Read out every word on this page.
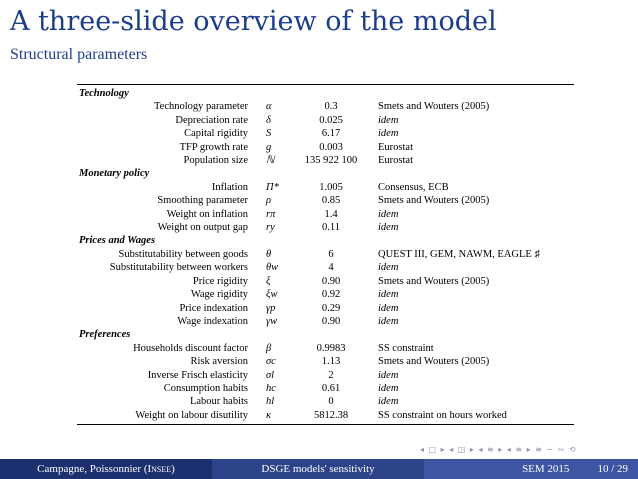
A three-slide overview of the model
Structural parameters
Technology			
Technology parameter	α	0.3	Smets and Wouters (2005)
Depreciation rate	δ	0.025	idem
Capital rigidity	S	6.17	idem
TFP growth rate	g	0.003	Eurostat
Population size	ℕ	135 922 100	Eurostat
Monetary policy			
Inflation	Π*	1.005	Consensus, ECB
Smoothing parameter	ρ	0.85	Smets and Wouters (2005)
Weight on inflation	rπ	1.4	idem
Weight on output gap	ry	0.11	idem
Prices and Wages			
Substitutability between goods	θ	6	QUEST III, GEM, NAWM, EAGLE ♯
Substitutability between workers	θw	4	idem
Price rigidity	ξ	0.90	Smets and Wouters (2005)
Wage rigidity	ξw	0.92	idem
Price indexation	γp	0.29	idem
Wage indexation	γw	0.90	idem
Preferences			
Households discount factor	β	0.9983	SS constraint
Risk aversion	σc	1.13	Smets and Wouters (2005)
Inverse Frisch elasticity	σl	2	idem
Consumption habits	hc	0.61	idem
Labour habits	hl	0	idem
Weight on labour disutility	κ	5812.38	SS constraint on hours worked
◂ □ ▸ ◂ ◲ ▸ ◂ ≡ ▸ ◂ ≡ ▸ ≡ ∽ ∾ ⟲
Campagne, Poissonnier
(Insee)	DSGE models' sensitivity	SEM 2015	10 / 29
